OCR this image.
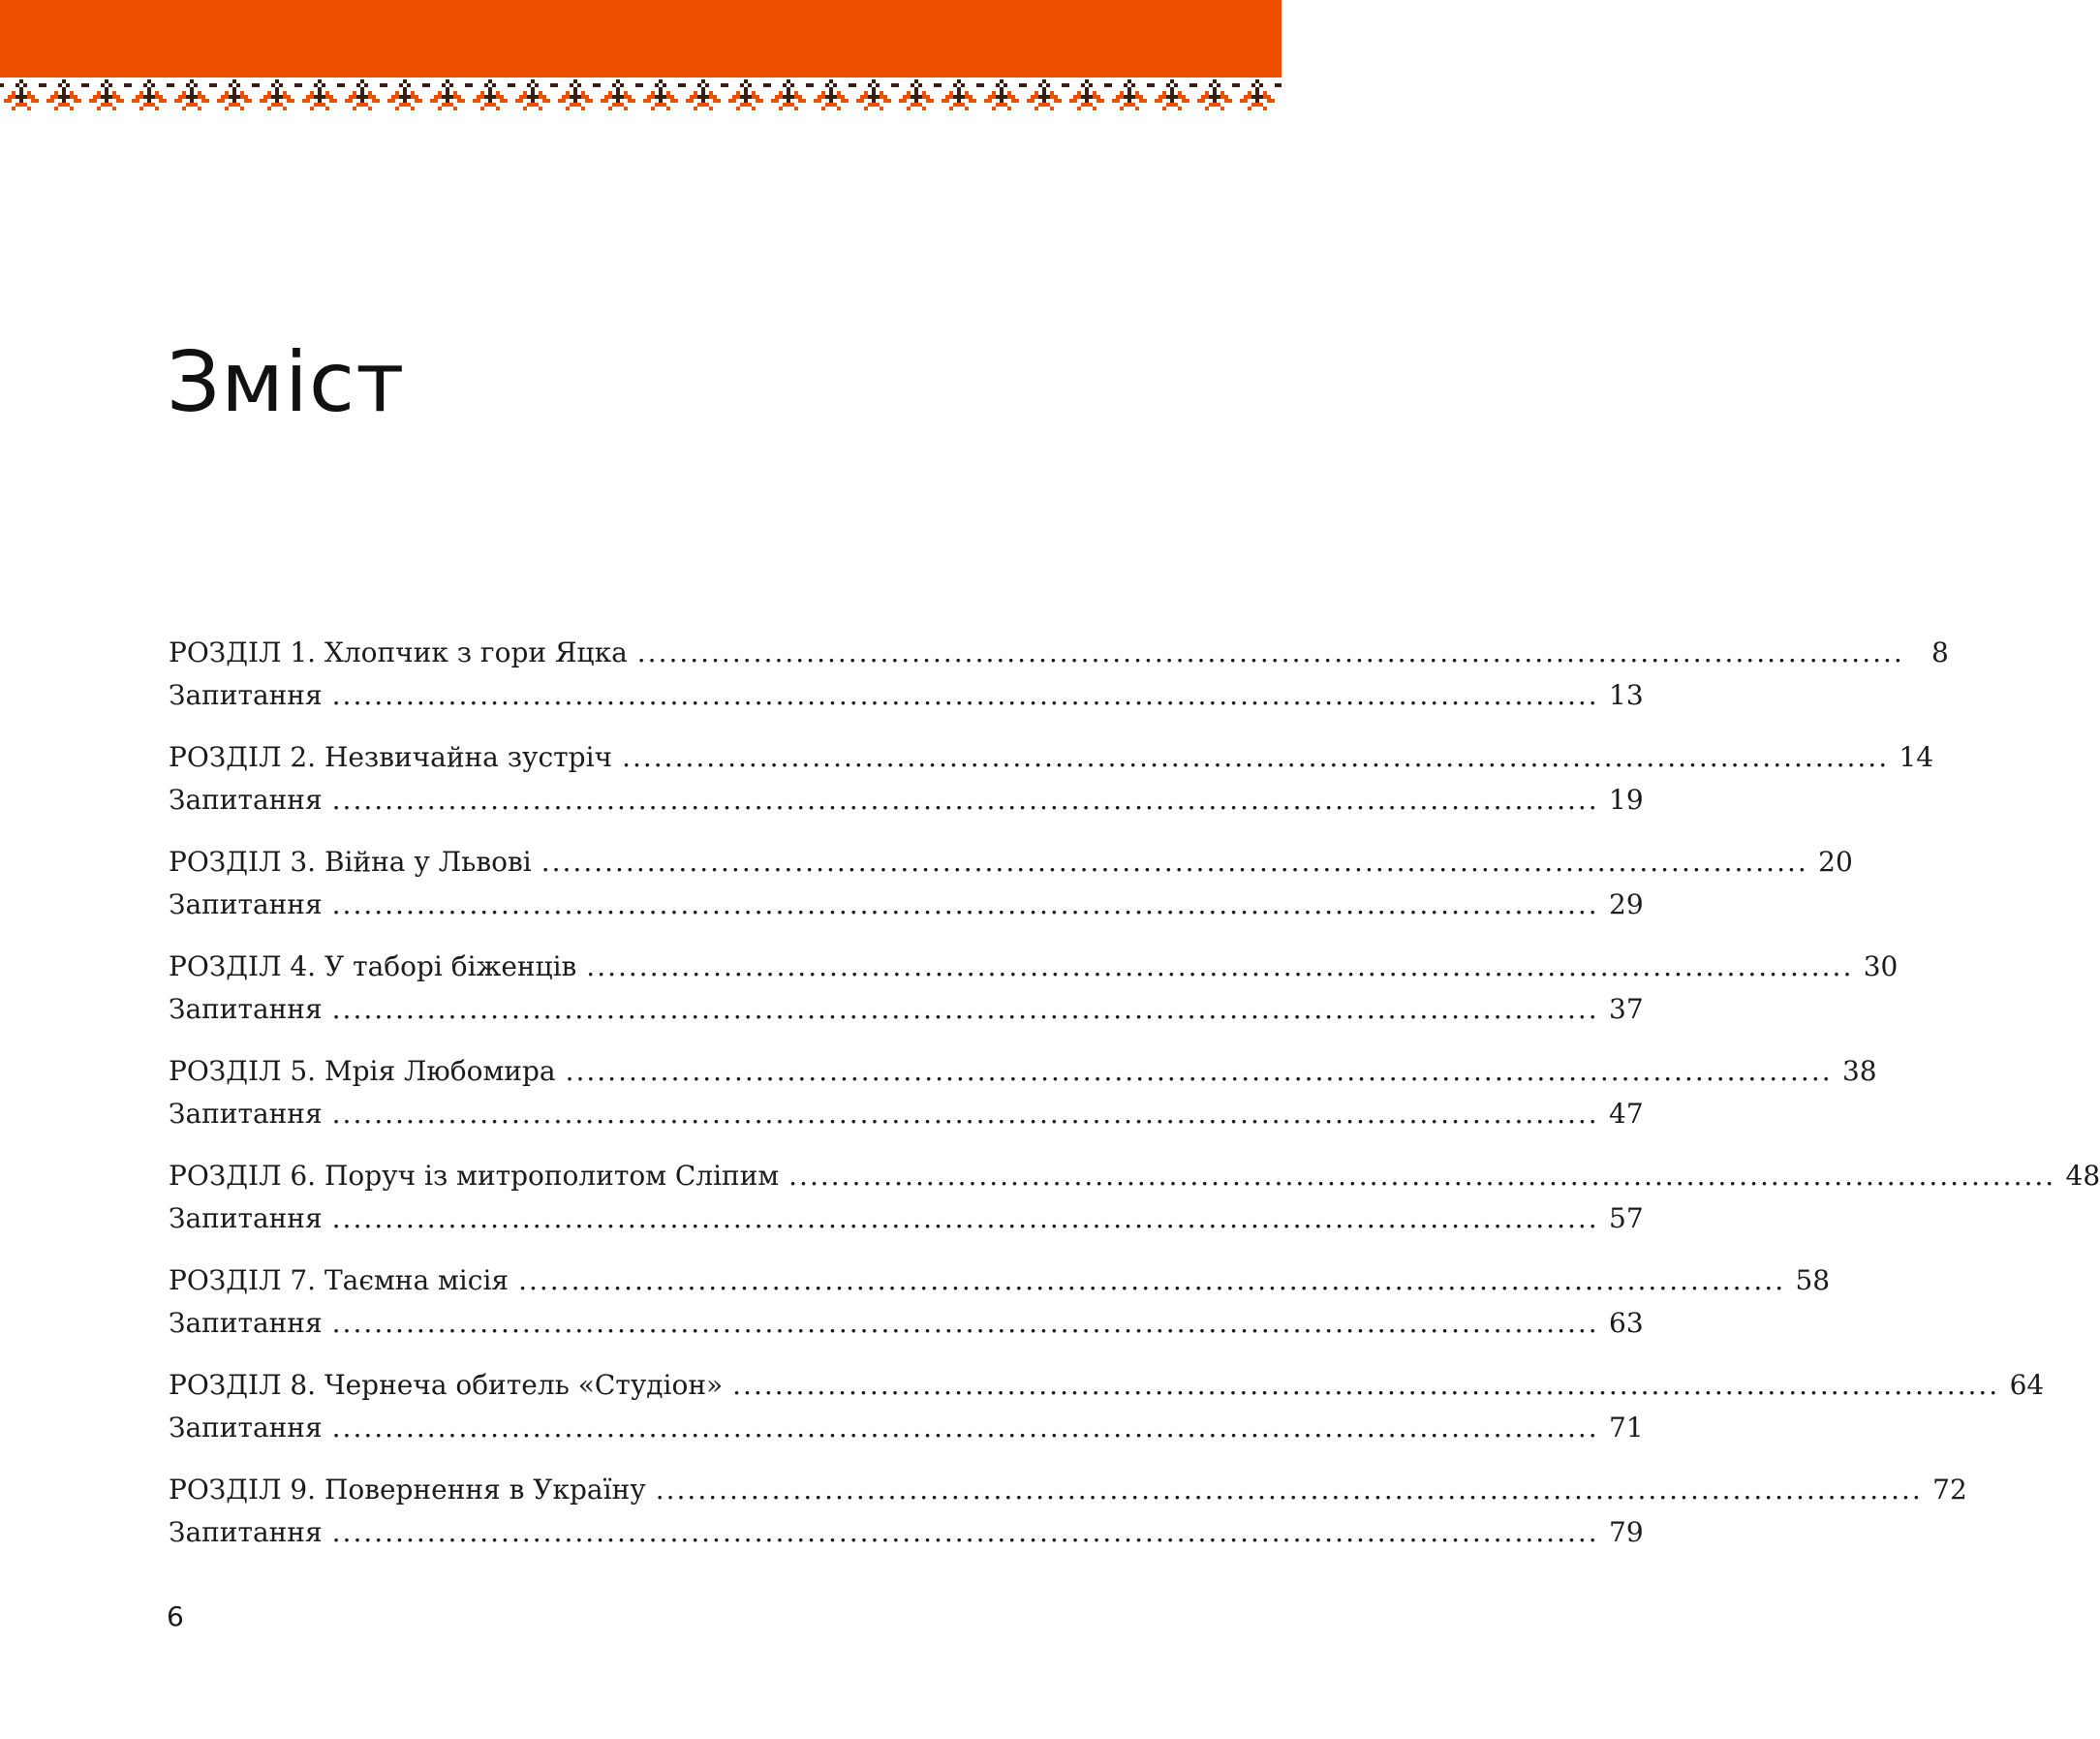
Зміст
РОЗДІЛ 1. Хлопчик з гори Яцка ........................................................................................................................	8
Запитання ........................................................................................................................ 13
РОЗДІЛ 2. Незвичайна зустріч ........................................................................................................................ 14
Запитання ........................................................................................................................ 19
РОЗДІЛ 3. Війна у Львові ........................................................................................................................ 20
Запитання ........................................................................................................................ 29
РОЗДІЛ 4. У таборі біженців ........................................................................................................................ 30
Запитання ........................................................................................................................ 37
РОЗДІЛ 5. Мрія Любомира ........................................................................................................................ 38
Запитання ........................................................................................................................ 47
РОЗДІЛ 6. Поруч із митрополитом Сліпим ........................................................................................................................ 48
Запитання ........................................................................................................................ 57
РОЗДІЛ 7. Таємна місія ........................................................................................................................ 58
Запитання ........................................................................................................................ 63
РОЗДІЛ 8. Чернеча обитель «Студіон» ........................................................................................................................ 64
Запитання ........................................................................................................................ 71
РОЗДІЛ 9. Повернення в Україну ........................................................................................................................ 72
Запитання ........................................................................................................................ 79
6
